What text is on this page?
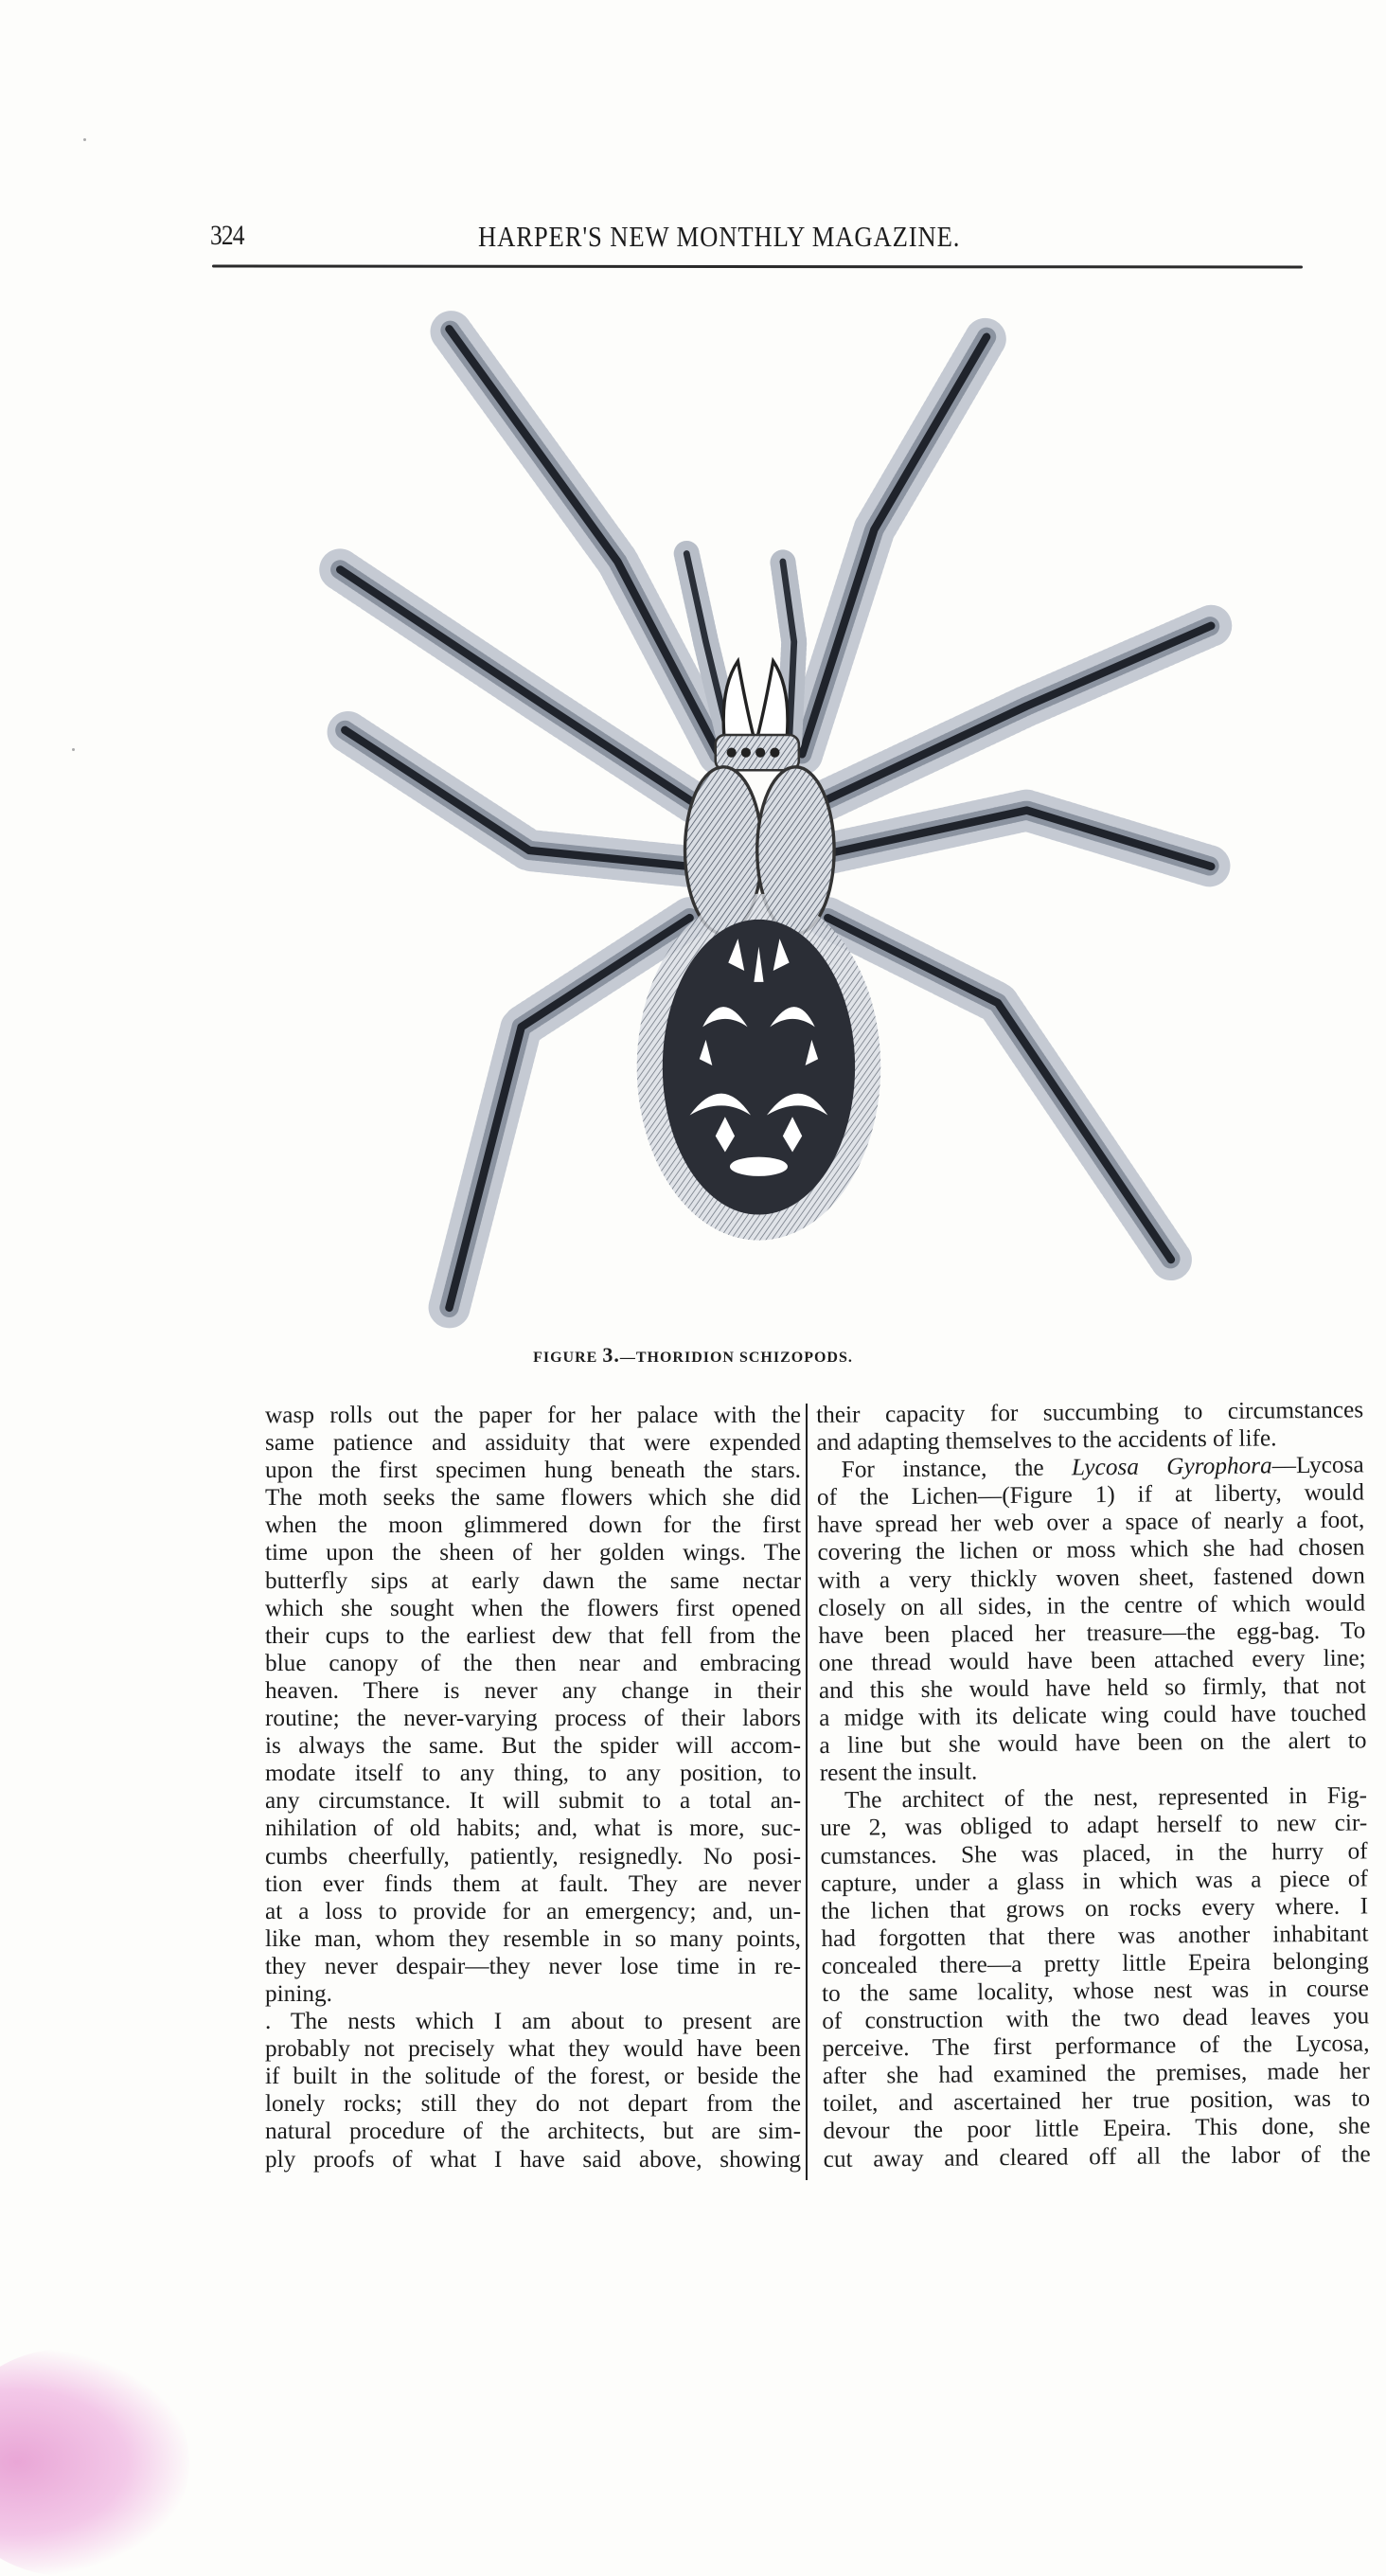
324	HARPER'S NEW MONTHLY MAGAZINE.
FIGURE 3.—THORIDION SCHIZOPODS.
wasp rolls out the paper for her palace with the
same patience and assiduity that were expended
upon the first specimen hung beneath the stars.
The moth seeks the same flowers which she did
when the moon glimmered down for the first
time upon the sheen of her golden wings. The
butterfly sips at early dawn the same nectar
which she sought when the flowers first opened
their cups to the earliest dew that fell from the
blue canopy of the then near and embracing
heaven. There is never any change in their
routine; the never-varying process of their labors
is always the same. But the spider will accom-
modate itself to any thing, to any position, to
any circumstance. It will submit to a total an-
nihilation of old habits; and, what is more, suc-
cumbs cheerfully, patiently, resignedly. No posi-
tion ever finds them at fault. They are never
at a loss to provide for an emergency; and, un-
like man, whom they resemble in so many points,
they never despair—they never lose time in re-
pining.
. The nests which I am about to present are
probably not precisely what they would have been
if built in the solitude of the forest, or beside the
lonely rocks; still they do not depart from the
natural procedure of the architects, but are sim-
ply proofs of what I have said above, showing
their capacity for succumbing to circumstances
and adapting themselves to the accidents of life.
For instance, the Lycosa Gyrophora—Lycosa
of the Lichen—(Figure 1) if at liberty, would
have spread her web over a space of nearly a foot,
covering the lichen or moss which she had chosen
with a very thickly woven sheet, fastened down
closely on all sides, in the centre of which would
have been placed her treasure—the egg-bag. To
one thread would have been attached every line;
and this she would have held so firmly, that not
a midge with its delicate wing could have touched
a line but she would have been on the alert to
resent the insult.
The architect of the nest, represented in Fig-
ure 2, was obliged to adapt herself to new cir-
cumstances. She was placed, in the hurry of
capture, under a glass in which was a piece of
the lichen that grows on rocks every where. I
had forgotten that there was another inhabitant
concealed there—a pretty little Epeira belonging
to the same locality, whose nest was in course
of construction with the two dead leaves you
perceive. The first performance of the Lycosa,
after she had examined the premises, made her
toilet, and ascertained her true position, was to
devour the poor little Epeira. This done, she
cut away and cleared off all the labor of the
